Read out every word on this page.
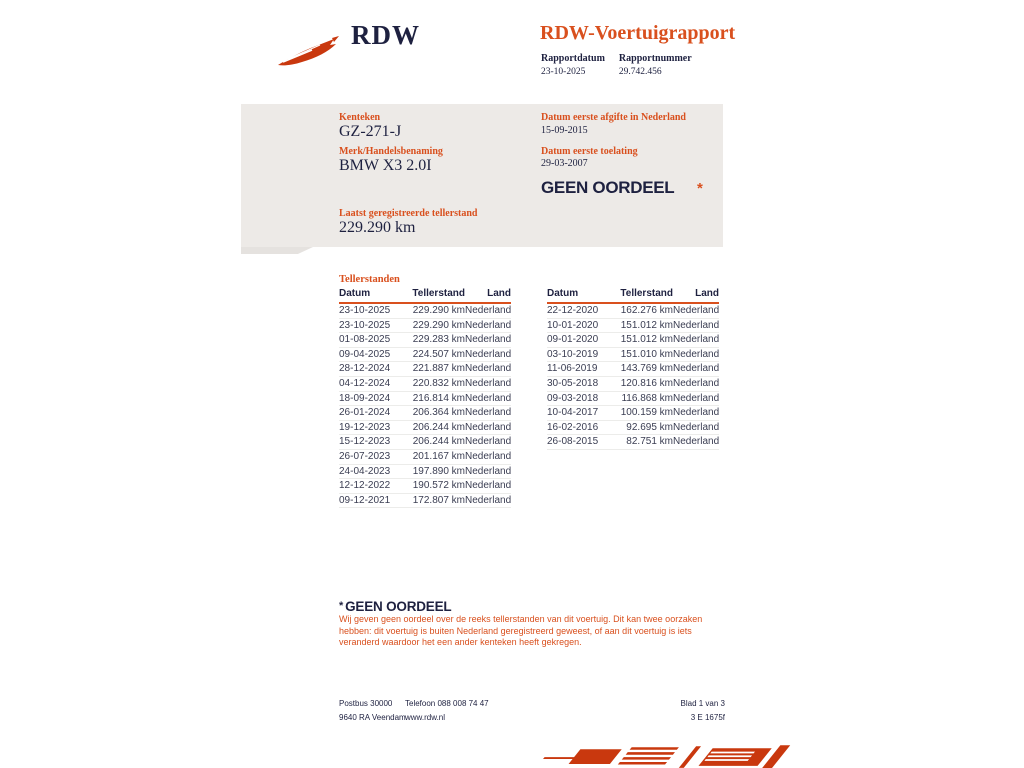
RDW	RDW-Voertuigrapport
Rapportdatum
23-10-2025
Rapportnummer
29.742.456
Kenteken
GZ-271-J
Merk/Handelsbenaming
BMW X3 2.0I
Laatst geregistreerde tellerstand
229.290 km
Datum eerste afgifte in Nederland
15-09-2015
Datum eerste toelating
29-03-2007
GEEN OORDEEL *
Tellerstanden
Datum	Tellerstand	Land
23-10-2025	229.290 km Nederland
23-10-2025	229.290 km Nederland
01-08-2025	229.283 km Nederland
09-04-2025	224.507 km Nederland
28-12-2024	221.887 km Nederland
04-12-2024	220.832 km Nederland
18-09-2024	216.814 km Nederland
26-01-2024	206.364 km Nederland
19-12-2023	206.244 km Nederland
15-12-2023	206.244 km Nederland
26-07-2023	201.167 km Nederland
24-04-2023	197.890 km Nederland
12-12-2022	190.572 km Nederland
09-12-2021	172.807 km Nederland
Datum	Tellerstand	Land
22-12-2020	162.276 km Nederland
10-01-2020	151.012 km Nederland
09-01-2020	151.012 km Nederland
03-10-2019	151.010 km Nederland
11-06-2019	143.769 km Nederland
30-05-2018	120.816 km Nederland
09-03-2018	116.868 km Nederland
10-04-2017	100.159 km Nederland
16-02-2016	92.695 km Nederland
26-08-2015	82.751 km Nederland
* GEEN OORDEEL

Wij geven geen oordeel over de reeks tellerstanden van dit voertuig. Dit kan twee oorzaken hebben: dit voertuig is buiten Nederland geregistreerd geweest, of aan dit voertuig is iets veranderd waardoor het een ander kenteken heeft gekregen.

Postbus 30000
9640 RA Veendam
Telefoon 088 008 74 47
www.rdw.nl
Blad 1 van 3
3 E 1675f
